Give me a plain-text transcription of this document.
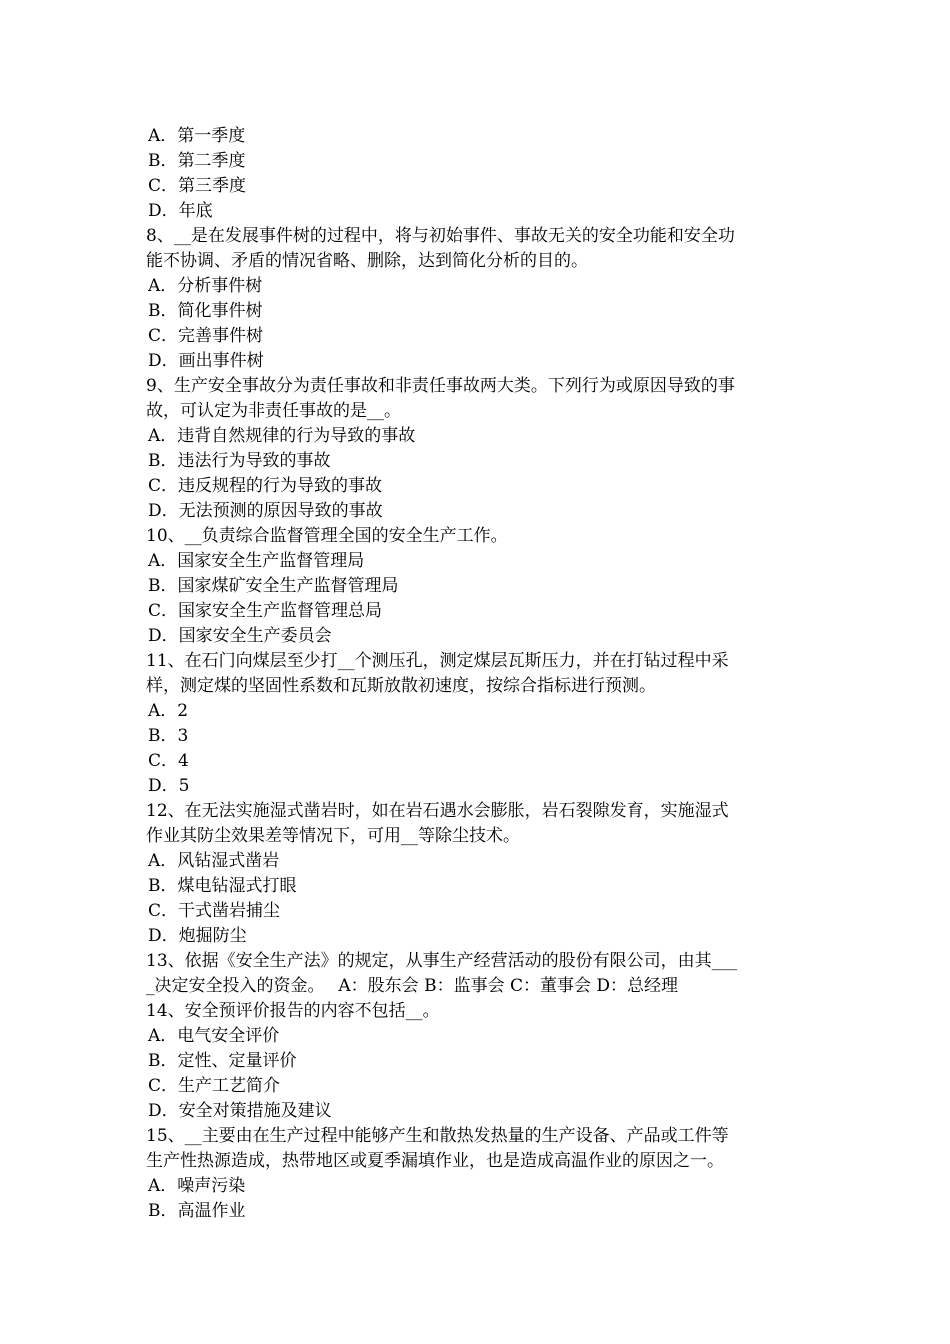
A．第一季度
B．第二季度
C．第三季度
D．年底
8、__是在发展事件树的过程中，将与初始事件、事故无关的安全功能和安全功
能不协调、矛盾的情况省略、删除，达到简化分析的目的。
A．分析事件树
B．简化事件树
C．完善事件树
D．画出事件树
9、生产安全事故分为责任事故和非责任事故两大类。下列行为或原因导致的事
故，可认定为非责任事故的是__。
A．违背自然规律的行为导致的事故
B．违法行为导致的事故
C．违反规程的行为导致的事故
D．无法预测的原因导致的事故
10、__负责综合监督管理全国的安全生产工作。
A．国家安全生产监督管理局
B．国家煤矿安全生产监督管理局
C．国家安全生产监督管理总局
D．国家安全生产委员会
11、在石门向煤层至少打__个测压孔，测定煤层瓦斯压力，并在打钻过程中采
样，测定煤的坚固性系数和瓦斯放散初速度，按综合指标进行预测。
A．2
B．3
C．4
D．5
12、在无法实施湿式凿岩时，如在岩石遇水会膨胀，岩石裂隙发育，实施湿式
作业其防尘效果差等情况下，可用__等除尘技术。
A．风钻湿式凿岩
B．煤电钻湿式打眼
C．干式凿岩捕尘
D．炮掘防尘
13、依据《安全生产法》的规定，从事生产经营活动的股份有限公司，由其___
_决定安全投入的资金。　 A：股东会 B：监事会 C：董事会 D：总经理
14、安全预评价报告的内容不包括__。
A．电气安全评价
B．定性、定量评价
C．生产工艺简介
D．安全对策措施及建议
15、__主要由在生产过程中能够产生和散热发热量的生产设备、产品或工件等
生产性热源造成，热带地区或夏季漏填作业，也是造成高温作业的原因之一。
A．噪声污染
B．高温作业
